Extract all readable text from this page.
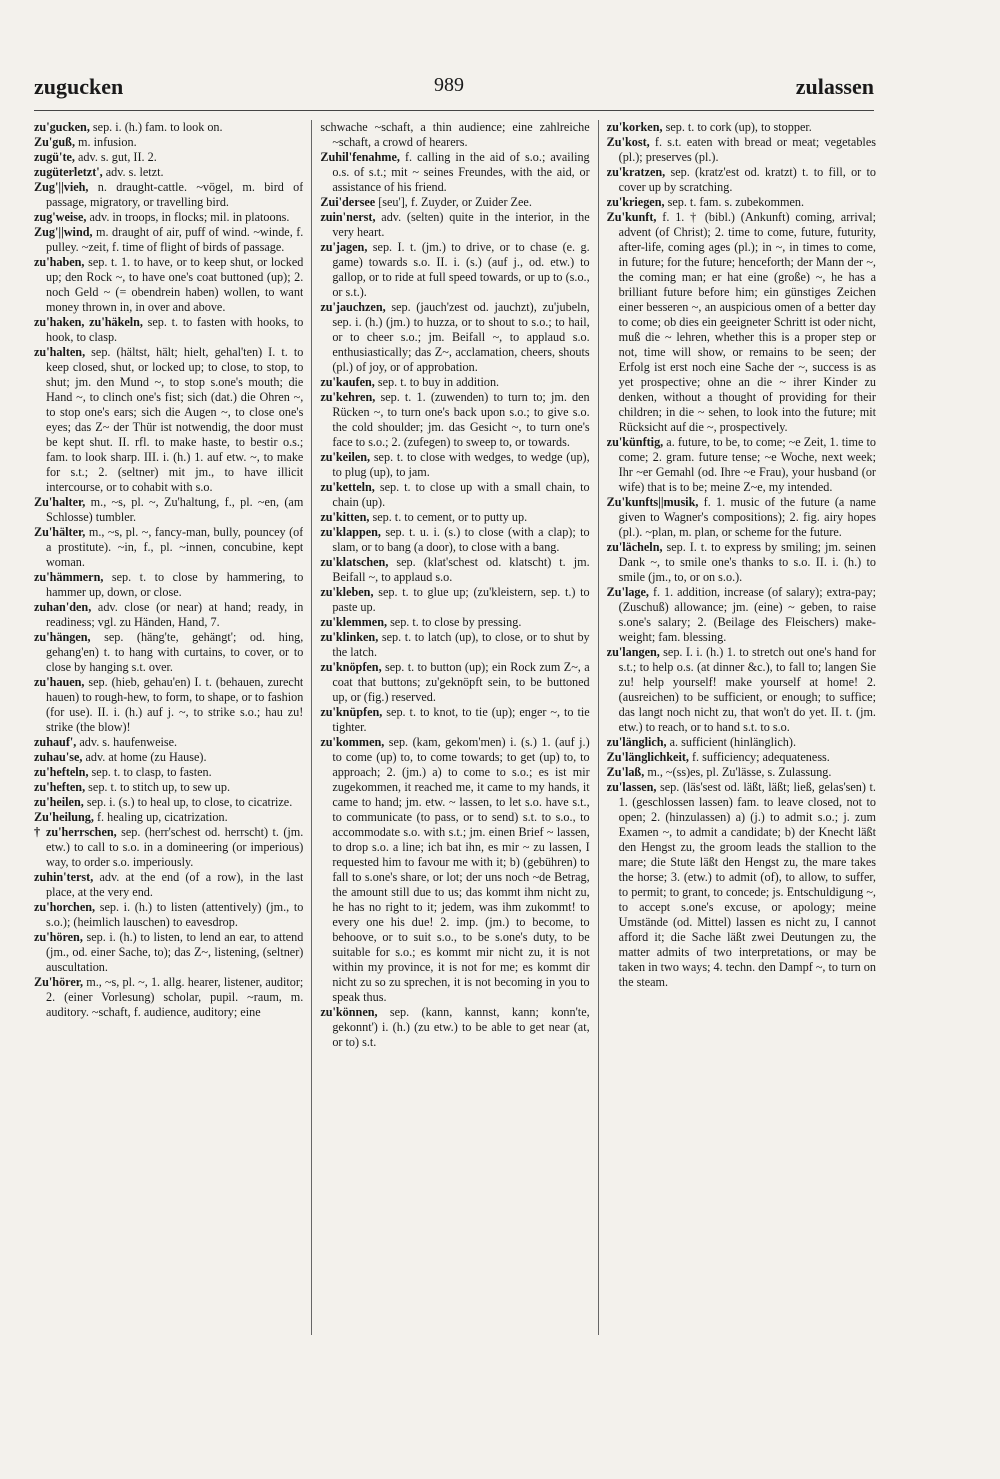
zugucken	989	zulassen

zu'gucken, sep. i. (h.) fam. to look on.

Zu'guß, m. infusion.

zugü'te, adv. s. gut, II. 2.

zugüterletzt', adv. s. letzt.

Zug'||vieh, n. draught-cattle. ~vögel, m. bird of passage, migratory, or travelling bird.

zug'weise, adv. in troops, in flocks; mil. in platoons.

Zug'||wind, m. draught of air, puff of wind. ~winde, f. pulley. ~zeit, f. time of flight of birds of passage.

zu'haben, sep. t. 1. to have, or to keep shut, or locked up; den Rock ~, to have one's coat buttoned (up); 2. noch Geld ~ (= obendrein haben) wollen, to want money thrown in, in over and above.

zu'haken, zu'häkeln, sep. t. to fasten with hooks, to hook, to clasp.

zu'halten, sep. (hältst, hält; hielt, gehal'ten) I. t. to keep closed, shut, or locked up; to close, to stop, to shut; jm. den Mund ~, to stop s.one's mouth; die Hand ~, to clinch one's fist; sich (dat.) die Ohren ~, to stop one's ears; sich die Augen ~, to close one's eyes; das Z~ der Thür ist notwendig, the door must be kept shut. II. rfl. to make haste, to bestir o.s.; fam. to look sharp. III. i. (h.) 1. auf etw. ~, to make for s.t.; 2. (seltner) mit jm., to have illicit intercourse, or to cohabit with s.o.

Zu'halter, m., ~s, pl. ~, Zu'haltung, f., pl. ~en, (am Schlosse) tumbler.

Zu'hälter, m., ~s, pl. ~, fancy-man, bully, pouncey (of a prostitute). ~in, f., pl. ~innen, concubine, kept woman.

zu'hämmern, sep. t. to close by hammering, to hammer up, down, or close.

zuhan'den, adv. close (or near) at hand; ready, in readiness; vgl. zu Händen, Hand, 7.

zu'hängen, sep. (häng'te, gehängt'; od. hing, gehang'en) t. to hang with curtains, to cover, or to close by hanging s.t. over.

zu'hauen, sep. (hieb, gehau'en) I. t. (behauen, zurecht hauen) to rough-hew, to form, to shape, or to fashion (for use). II. i. (h.) auf j. ~, to strike s.o.; hau zu! strike (the blow)!

zuhauf', adv. s. haufenweise.

zuhau'se, adv. at home (zu Hause).

zu'hefteln, sep. t. to clasp, to fasten.

zu'heften, sep. t. to stitch up, to sew up.

zu'heilen, sep. i. (s.) to heal up, to close, to cicatrize.

Zu'heilung, f. healing up, cicatrization.

† zu'herrschen, sep. (herr'schest od. herrscht) t. (jm. etw.) to call to s.o. in a domineering (or imperious) way, to order s.o. imperiously.

zuhin'terst, adv. at the end (of a row), in the last place, at the very end.

zu'horchen, sep. i. (h.) to listen (attentively) (jm., to s.o.); (heimlich lauschen) to eavesdrop.

zu'hören, sep. i. (h.) to listen, to lend an ear, to attend (jm., od. einer Sache, to); das Z~, listening, (seltner) auscultation.

Zu'hörer, m., ~s, pl. ~, 1. allg. hearer, listener, auditor; 2. (einer Vorlesung) scholar, pupil. ~raum, m. auditory. ~schaft, f. audience, auditory; eine

schwache ~schaft, a thin audience; eine zahlreiche ~schaft, a crowd of hearers.

Zuhil'fenahme, f. calling in the aid of s.o.; availing o.s. of s.t.; mit ~ seines Freundes, with the aid, or assistance of his friend.

Zui'dersee [seu'], f. Zuyder, or Zuider Zee.

zuin'nerst, adv. (selten) quite in the interior, in the very heart.

zu'jagen, sep. I. t. (jm.) to drive, or to chase (e. g. game) towards s.o. II. i. (s.) (auf j., od. etw.) to gallop, or to ride at full speed towards, or up to (s.o., or s.t.).

zu'jauchzen, sep. (jauch'zest od. jauchzt), zu'jubeln, sep. i. (h.) (jm.) to huzza, or to shout to s.o.; to hail, or to cheer s.o.; jm. Beifall ~, to applaud s.o. enthusiastically; das Z~, acclamation, cheers, shouts (pl.) of joy, or of approbation.

zu'kaufen, sep. t. to buy in addition.

zu'kehren, sep. t. 1. (zuwenden) to turn to; jm. den Rücken ~, to turn one's back upon s.o.; to give s.o. the cold shoulder; jm. das Gesicht ~, to turn one's face to s.o.; 2. (zufegen) to sweep to, or towards.

zu'keilen, sep. t. to close with wedges, to wedge (up), to plug (up), to jam.

zu'ketteln, sep. t. to close up with a small chain, to chain (up).

zu'kitten, sep. t. to cement, or to putty up.

zu'klappen, sep. t. u. i. (s.) to close (with a clap); to slam, or to bang (a door), to close with a bang.

zu'klatschen, sep. (klat'schest od. klatscht) t. jm. Beifall ~, to applaud s.o.

zu'kleben, sep. t. to glue up; (zu'kleistern, sep. t.) to paste up.

zu'klemmen, sep. t. to close by pressing.

zu'klinken, sep. t. to latch (up), to close, or to shut by the latch.

zu'knöpfen, sep. t. to button (up); ein Rock zum Z~, a coat that buttons; zu'geknöpft sein, to be buttoned up, or (fig.) reserved.

zu'knüpfen, sep. t. to knot, to tie (up); enger ~, to tie tighter.

zu'kommen, sep. (kam, gekom'men) i. (s.) 1. (auf j.) to come (up) to, to come towards; to get (up) to, to approach; 2. (jm.) a) to come to s.o.; es ist mir zugekommen, it reached me, it came to my hands, it came to hand; jm. etw. ~ lassen, to let s.o. have s.t., to communicate (to pass, or to send) s.t. to s.o., to accommodate s.o. with s.t.; jm. einen Brief ~ lassen, to drop s.o. a line; ich bat ihn, es mir ~ zu lassen, I requested him to favour me with it; b) (gebühren) to fall to s.one's share, or lot; der uns noch ~de Betrag, the amount still due to us; das kommt ihm nicht zu, he has no right to it; jedem, was ihm zukommt! to every one his due! 2. imp. (jm.) to become, to behoove, or to suit s.o., to be s.one's duty, to be suitable for s.o.; es kommt mir nicht zu, it is not within my province, it is not for me; es kommt dir nicht zu so zu sprechen, it is not becoming in you to speak thus.

zu'können, sep. (kann, kannst, kann; konn'te, gekonnt') i. (h.) (zu etw.) to be able to get near (at, or to) s.t.

zu'korken, sep. t. to cork (up), to stopper.

Zu'kost, f. s.t. eaten with bread or meat; vegetables (pl.); preserves (pl.).

zu'kratzen, sep. (kratz'est od. kratzt) t. to fill, or to cover up by scratching.

zu'kriegen, sep. t. fam. s. zubekommen.

Zu'kunft, f. 1. † (bibl.) (Ankunft) coming, arrival; advent (of Christ); 2. time to come, future, futurity, after-life, coming ages (pl.); in ~, in times to come, in future; for the future; henceforth; der Mann der ~, the coming man; er hat eine (große) ~, he has a brilliant future before him; ein günstiges Zeichen einer besseren ~, an auspicious omen of a better day to come; ob dies ein geeigneter Schritt ist oder nicht, muß die ~ lehren, whether this is a proper step or not, time will show, or remains to be seen; der Erfolg ist erst noch eine Sache der ~, success is as yet prospective; ohne an die ~ ihrer Kinder zu denken, without a thought of providing for their children; in die ~ sehen, to look into the future; mit Rücksicht auf die ~, prospectively.

zu'künftig, a. future, to be, to come; ~e Zeit, 1. time to come; 2. gram. future tense; ~e Woche, next week; Ihr ~er Gemahl (od. Ihre ~e Frau), your husband (or wife) that is to be; meine Z~e, my intended.

Zu'kunfts||musik, f. 1. music of the future (a name given to Wagner's compositions); 2. fig. airy hopes (pl.). ~plan, m. plan, or scheme for the future.

zu'lächeln, sep. I. t. to express by smiling; jm. seinen Dank ~, to smile one's thanks to s.o. II. i. (h.) to smile (jm., to, or on s.o.).

Zu'lage, f. 1. addition, increase (of salary); extra-pay; (Zuschuß) allowance; jm. (eine) ~ geben, to raise s.one's salary; 2. (Beilage des Fleischers) make-weight; fam. blessing.

zu'langen, sep. I. i. (h.) 1. to stretch out one's hand for s.t.; to help o.s. (at dinner &c.), to fall to; langen Sie zu! help yourself! make yourself at home! 2. (ausreichen) to be sufficient, or enough; to suffice; das langt noch nicht zu, that won't do yet. II. t. (jm. etw.) to reach, or to hand s.t. to s.o.

zu'länglich, a. sufficient (hinlänglich).

Zu'länglichkeit, f. sufficiency; adequateness.

Zu'laß, m., ~(ss)es, pl. Zu'lässe, s. Zulassung.

zu'lassen, sep. (läs'sest od. läßt, läßt; ließ, gelas'sen) t. 1. (geschlossen lassen) fam. to leave closed, not to open; 2. (hinzulassen) a) (j.) to admit s.o.; j. zum Examen ~, to admit a candidate; b) der Knecht läßt den Hengst zu, the groom leads the stallion to the mare; die Stute läßt den Hengst zu, the mare takes the horse; 3. (etw.) to admit (of), to allow, to suffer, to permit; to grant, to concede; js. Entschuldigung ~, to accept s.one's excuse, or apology; meine Umstände (od. Mittel) lassen es nicht zu, I cannot afford it; die Sache läßt zwei Deutungen zu, the matter admits of two interpretations, or may be taken in two ways; 4. techn. den Dampf ~, to turn on the steam.
